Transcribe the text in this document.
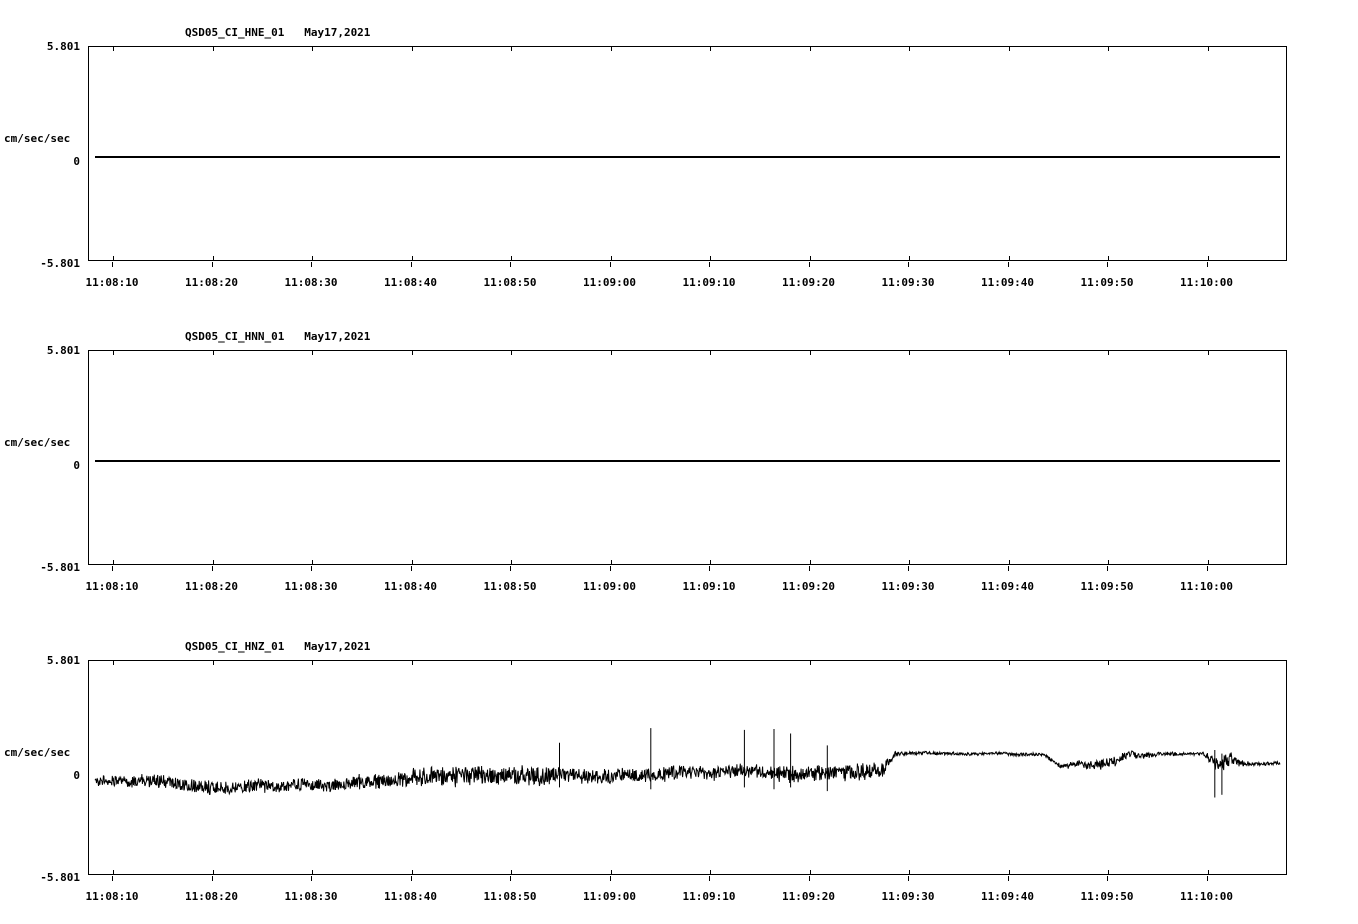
QSD05_CI_HNE_01   May17,2021
cm/sec/sec
5.801
0
-5.801
11:08:10	11:08:20	11:08:30	11:08:40	11:08:50	11:09:00	11:09:10	11:09:20	11:09:30	11:09:40	11:09:50	11:10:00
QSD05_CI_HNN_01   May17,2021
cm/sec/sec
5.801
0
-5.801
11:08:10	11:08:20	11:08:30	11:08:40	11:08:50	11:09:00	11:09:10	11:09:20	11:09:30	11:09:40	11:09:50	11:10:00
QSD05_CI_HNZ_01   May17,2021
cm/sec/sec
5.801
0
-5.801
11:08:10	11:08:20	11:08:30	11:08:40	11:08:50	11:09:00	11:09:10	11:09:20	11:09:30	11:09:40	11:09:50	11:10:00
